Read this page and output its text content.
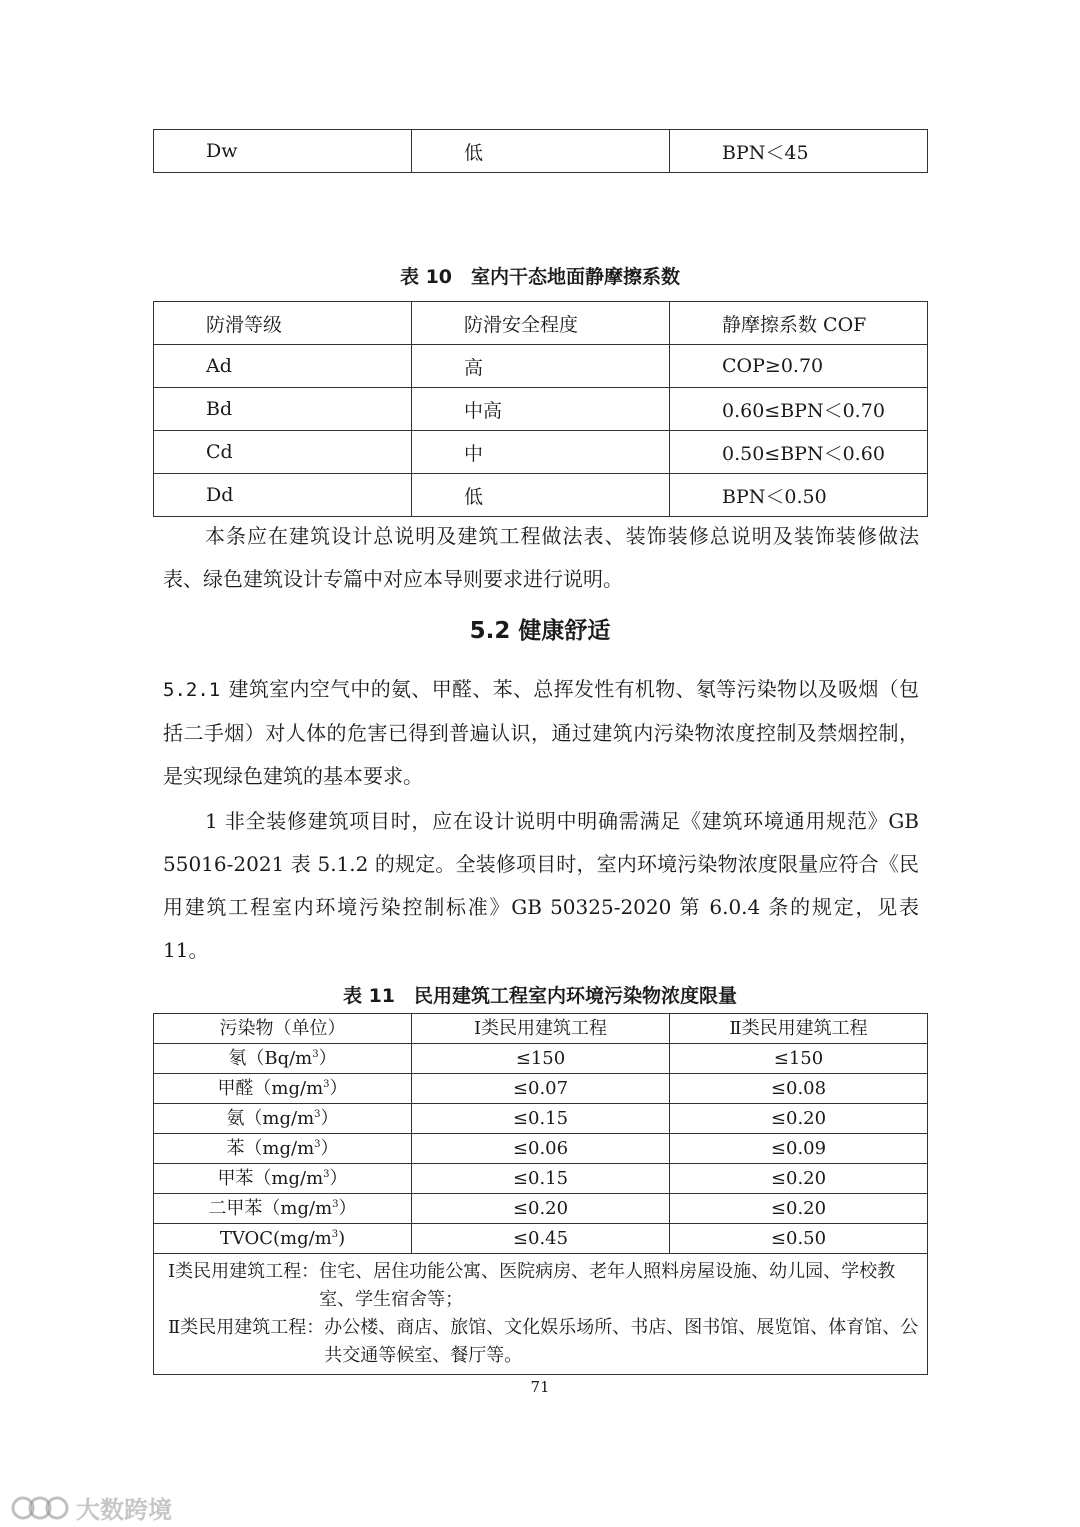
Dw	低	BPN＜45
表 10　室内干态地面静摩擦系数
防滑等级	防滑安全程度	静摩擦系数 COF
Ad	高	COP≥0.70
Bd	中高	0.60≤BPN＜0.70
Cd	中	0.50≤BPN＜0.60
Dd	低	BPN＜0.50

本条应在建筑设计总说明及建筑工程做法表、装饰装修总说明及装饰装修做法表、绿色建筑设计专篇中对应本导则要求进行说明。

5.2 健康舒适

5.2.1 建筑室内空气中的氨、甲醛、苯、总挥发性有机物、氡等污染物以及吸烟（包括二手烟）对人体的危害已得到普遍认识，通过建筑内污染物浓度控制及禁烟控制，是实现绿色建筑的基本要求。

1 非全装修建筑项目时，应在设计说明中明确需满足《建筑环境通用规范》GB 55016-2021 表 5.1.2 的规定。全装修项目时，室内环境污染物浓度限量应符合《民用建筑工程室内环境污染控制标准》GB 50325-2020 第 6.0.4 条的规定，见表 11。

表 11　民用建筑工程室内环境污染物浓度限量
污染物（单位）	Ⅰ类民用建筑工程	Ⅱ类民用建筑工程
氡$(Bq/m^3)$	≤150	≤150
甲醛$(mg/m^3)$	≤0.07	≤0.08
氨$(mg/m^3)$	≤0.15	≤0.20
苯$(mg/m^3)$	≤0.06	≤0.09
甲苯$(mg/m^3)$	≤0.15	≤0.20
二甲苯$(mg/m^3)$	≤0.20	≤0.20
$TVOC(mg/m^3)$	≤0.45	≤0.50

Ⅰ类民用建筑工程： 住宅、居住功能公寓、医院病房、老年人照料房屋设施、幼儿园、学校教室、学生宿舍等；
Ⅱ类民用建筑工程： 办公楼、商店、旅馆、文化娱乐场所、书店、图书馆、展览馆、体育馆、公共交通等候室、餐厅等。		
71
大数跨境
